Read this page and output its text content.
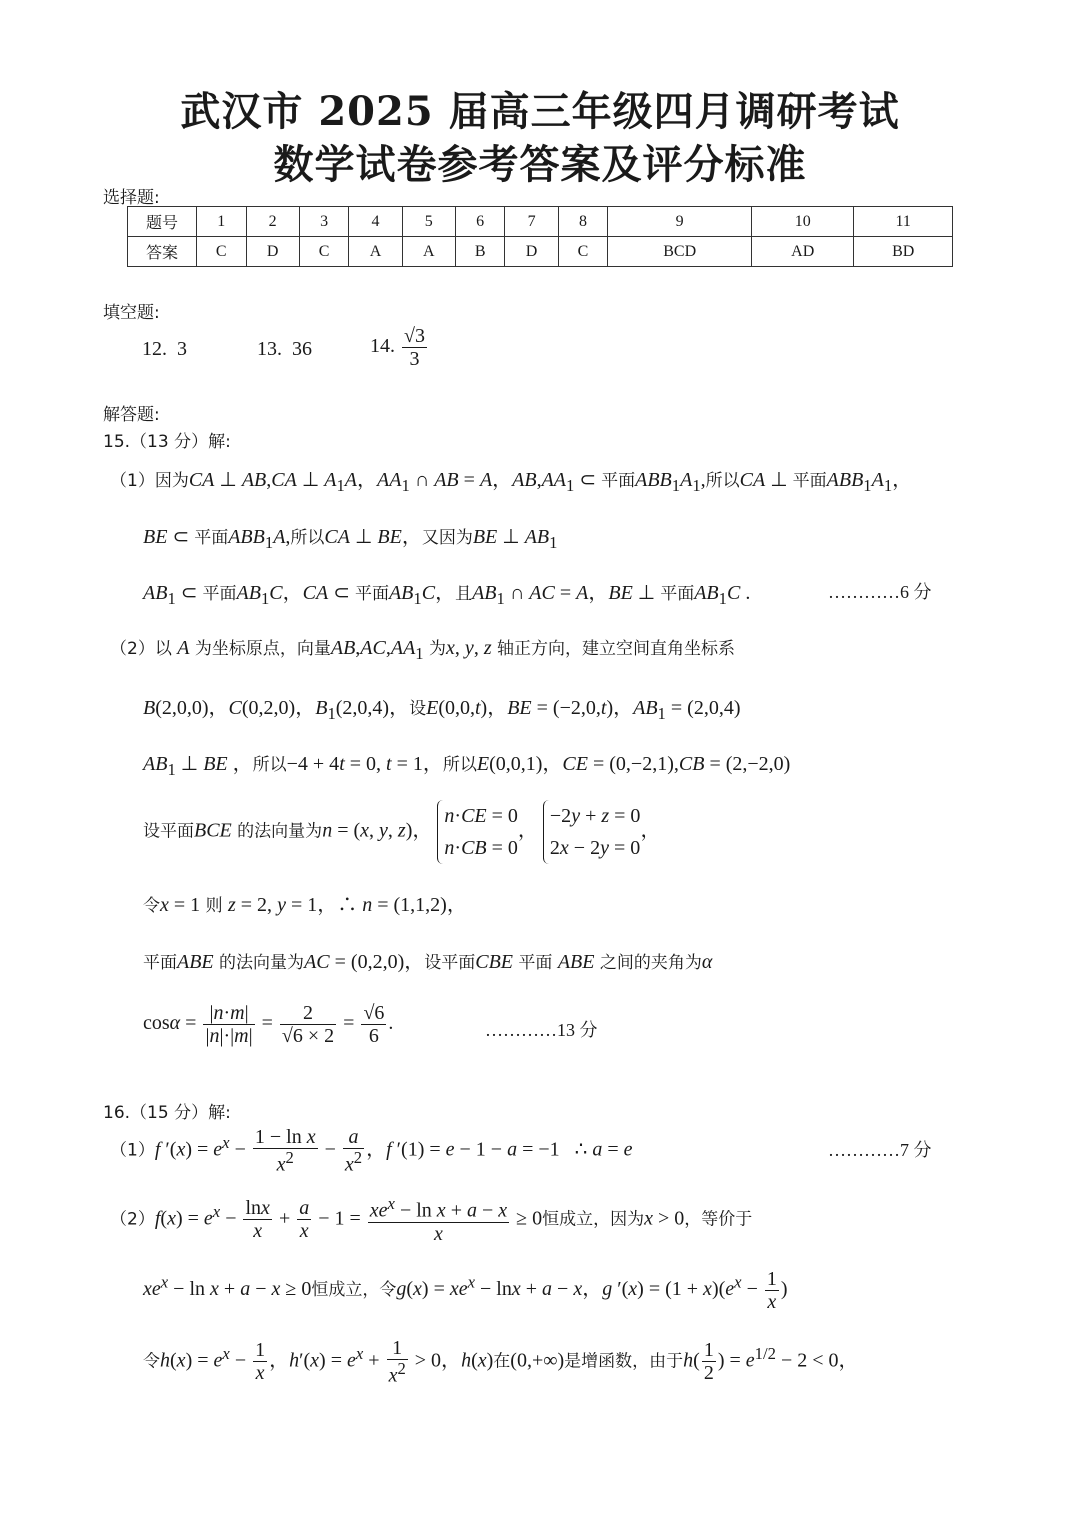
武汉市 2025 届高三年级四月调研考试
数学试卷参考答案及评分标准
选择题:
题号	1	2	3	4	5	6	7	8	9	10	11
答案	C	D	C	A	A	B	D	C	BCD	AD	BD
填空题:
12. 3	13. 36	14. $\frac{√3}{3}$
解答题:
15.（13 分）解:
（1）因为CA ⊥ AB,CA ⊥ $A_1A$，$AA_1$ ∩ AB = A，$AB,AA_1$ ⊂ 平面$ABB_1A_1$,所以CA ⊥ 平面$ABB_1A_1$，
BE ⊂ 平面$ABB_1A$,所以CA ⊥ BE，又因为BE ⊥ $AB_1$
$AB_1$ ⊂ 平面$AB_1C$，CA ⊂ 平面$AB_1C$，且$AB_1$ ∩ AC = A，BE ⊥ 平面$AB_1C$ .	…………6 分
（2）以 A 为坐标原点，向量$AB,AC,AA_1$ 为x, y, z 轴正方向，建立空间直角坐标系
B(2,0,0)，C(0,2,0)，$B_1(2,0,4)$，设E(0,0,t)，BE = (−2,0,t)，$AB_1 = (2,0,4)$
$AB_1$ ⊥ BE ，所以−4 + 4t = 0, t = 1，所以E(0,0,1)，CE = (0,−2,1),CB = (2,−2,0)
设平面BCE 的法向量为n = (x, y, z)， n·CE = 0
n·CB = 0， −2y + z = 0
2x − 2y = 0，
令x = 1 则 z = 2, y = 1，∴ n = (1,1,2)，
平面ABE 的法向量为AC = (0,2,0)，设平面CBE 平面 ABE 之间的夹角为α
$\cos\alpha = \frac{|n\cdot m|}{|n|\cdot|m|} = \frac{2}{√6 \times 2} = \frac{√6}{6}$ .	…………13 分
16.（15 分）解:
（1）f $'(x) = e^x - \frac{\text{1 − ln x}}{x^2} - \frac{a}{x^2}$ ，f ′(1) = e − 1 − a = −1   ∴ a = e	…………7 分
$(2)f(x) = e^x - \frac{\ln x}{x} + \frac{a}{x} - 1 = \frac{xe^x - \ln x + a - x}{x} \ge 0$恒成立，因为x > 0，等价于
$xe^x - \ln x + a - x \ge 0$恒成立，令$g(x) = xe^x - \ln x + a - x$，g $'(x) = (1 + x)(e^x - \frac{1}{x}$ )
令$h(x) = e^x - \frac{1}{x}$ ，$h'(x) = e^x + \frac{1}{x^2} > 0$，h(x)在(0,+∞)是增函数，由于$h( \frac{1}{2}$ ) = $e^{1/2} - 2 < 0$，
